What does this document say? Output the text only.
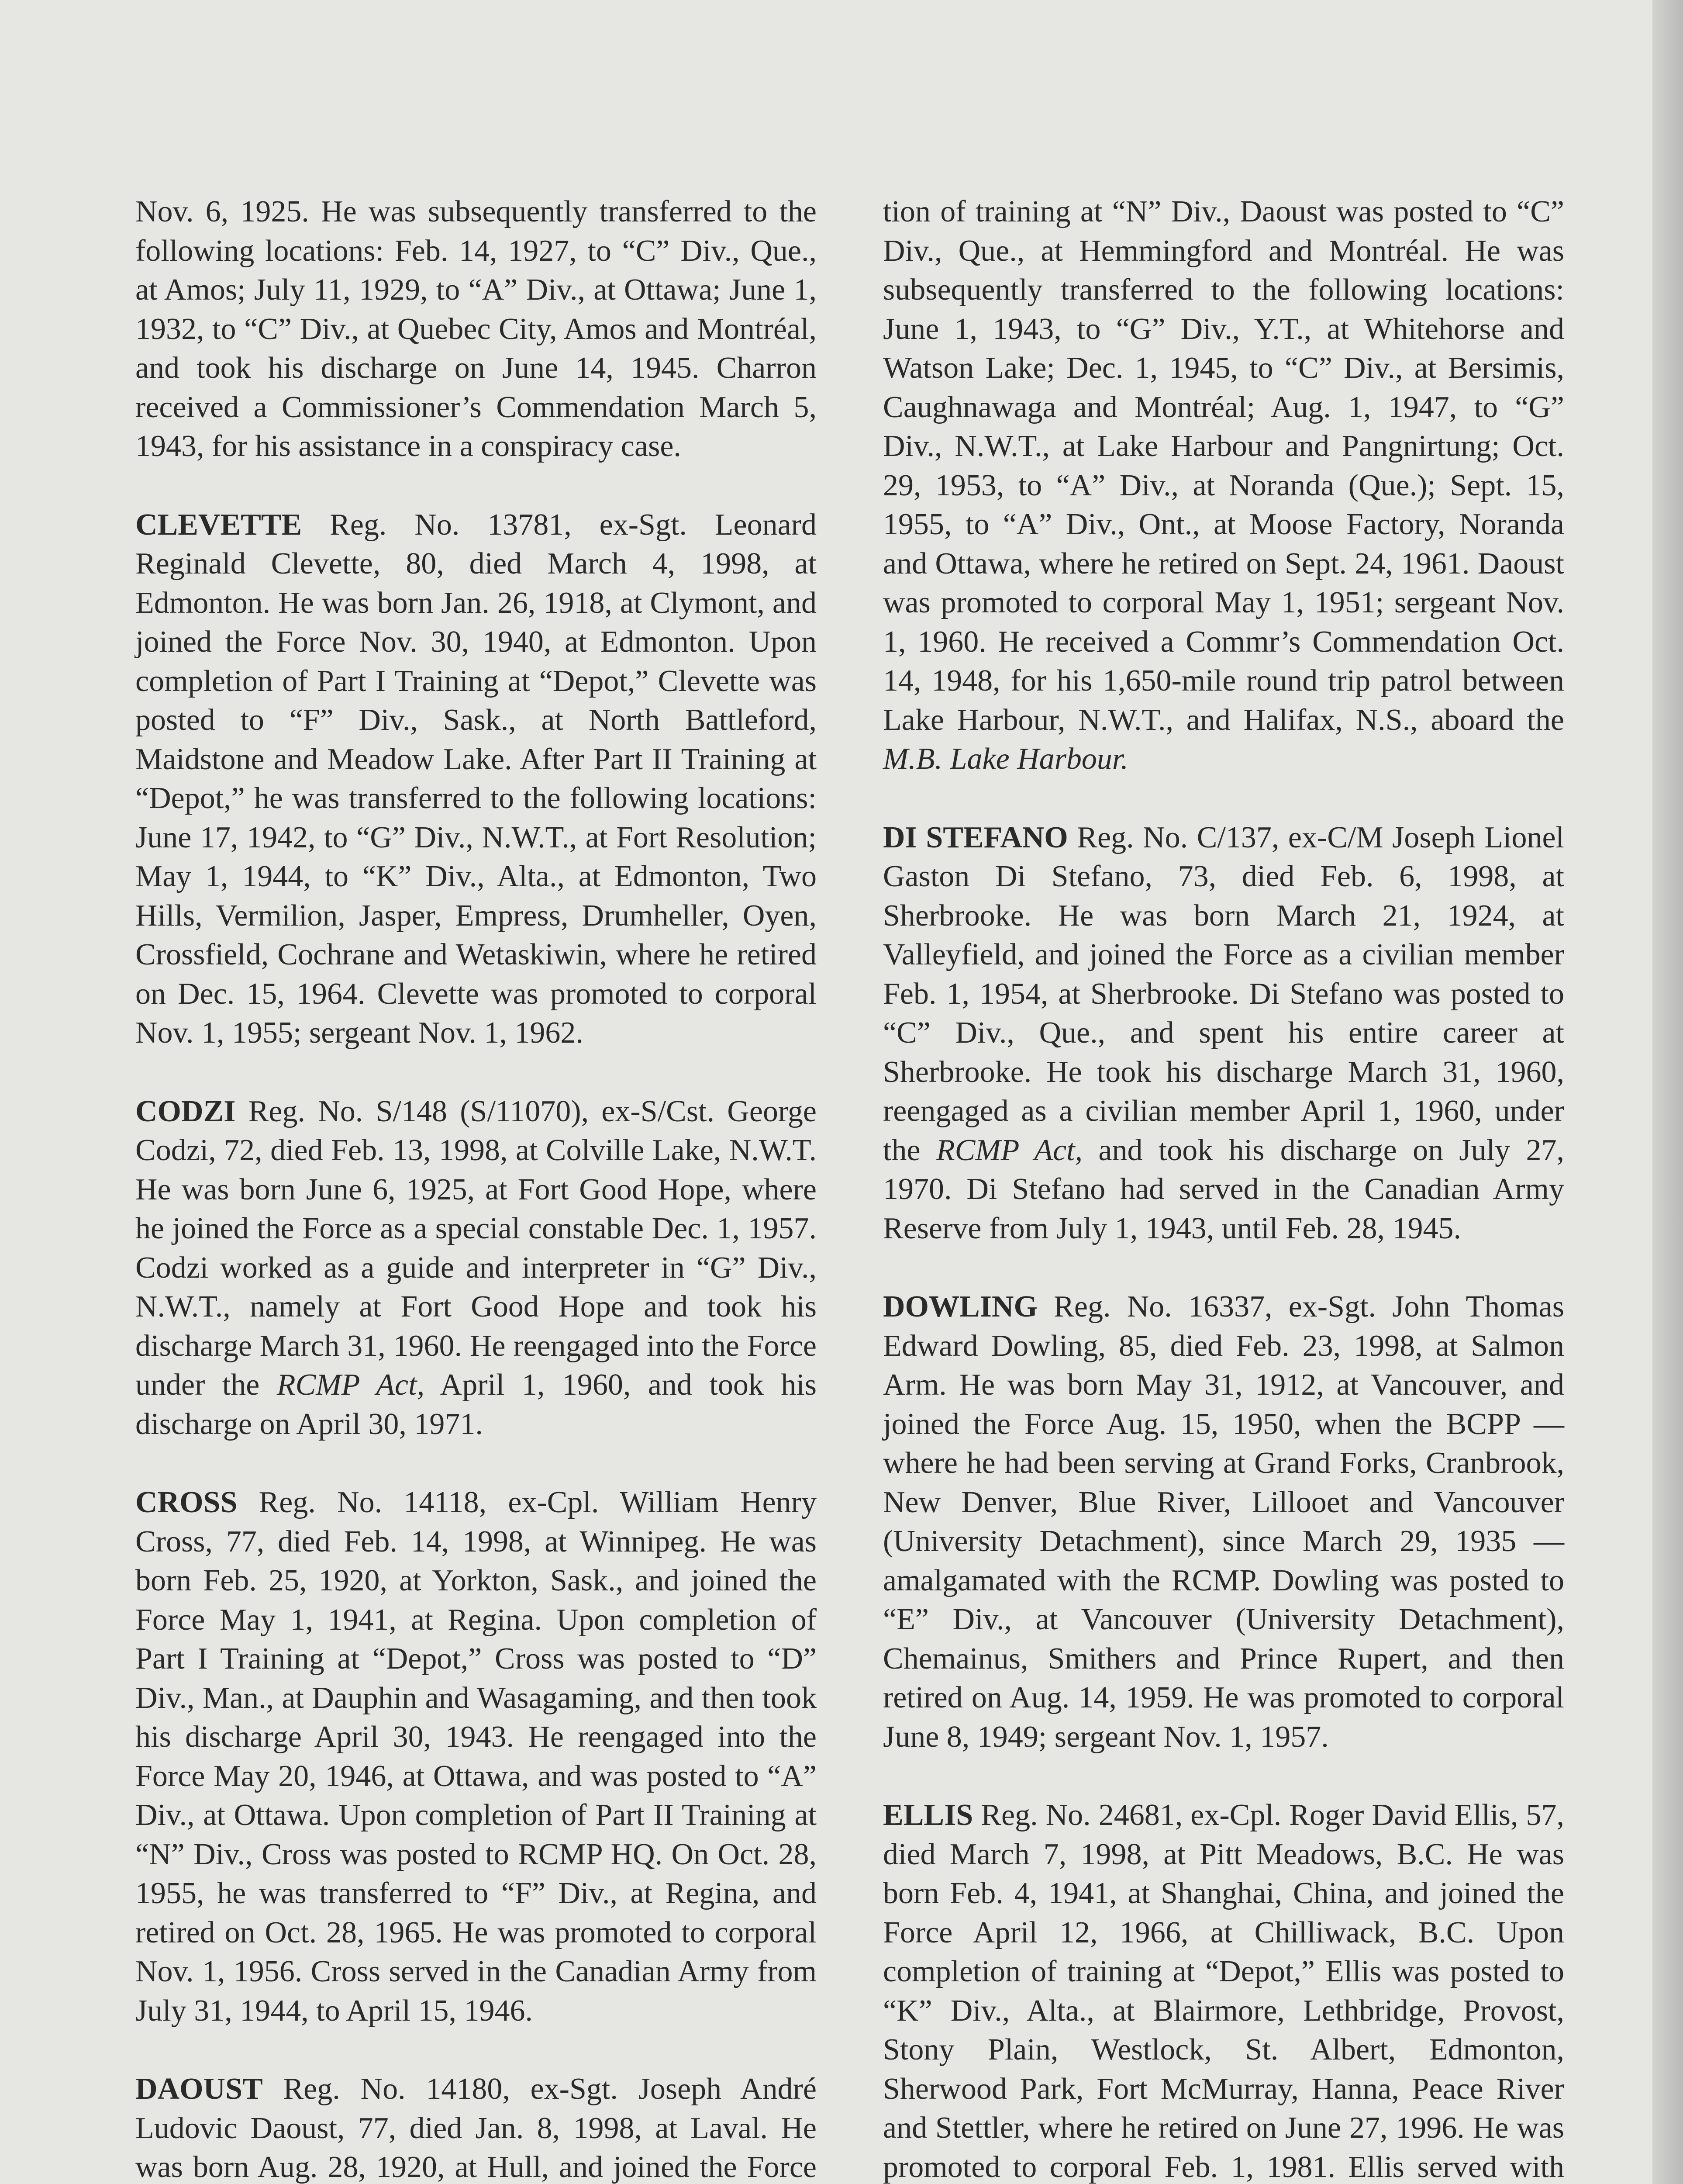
Nov. 6, 1925. He was subsequently transferred to the following locations: Feb. 14, 1927, to “C” Div., Que., at Amos; July 11, 1929, to “A” Div., at Ottawa; June 1, 1932, to “C” Div., at Quebec City, Amos and Montréal, and took his discharge on June 14, 1945. Charron received a Commissioner’s Commendation March 5, 1943, for his assistance in a conspiracy case.

CLEVETTE Reg. No. 13781, ex-Sgt. Leonard Reginald Clevette, 80, died March 4, 1998, at Edmonton. He was born Jan. 26, 1918, at Clymont, and joined the Force Nov. 30, 1940, at Edmonton. Upon completion of Part I Training at “Depot,” Clevette was posted to “F” Div., Sask., at North Battleford, Maidstone and Meadow Lake. After Part II Training at “Depot,” he was transferred to the following locations: June 17, 1942, to “G” Div., N.W.T., at Fort Resolution; May 1, 1944, to “K” Div., Alta., at Edmonton, Two Hills, Vermilion, Jasper, Empress, Drumheller, Oyen, Crossfield, Cochrane and Wetaskiwin, where he retired on Dec. 15, 1964. Clevette was promoted to corporal Nov. 1, 1955; sergeant Nov. 1, 1962.

CODZI Reg. No. S/148 (S/11070), ex-S/Cst. George Codzi, 72, died Feb. 13, 1998, at Colville Lake, N.W.T. He was born June 6, 1925, at Fort Good Hope, where he joined the Force as a special constable Dec. 1, 1957. Codzi worked as a guide and interpreter in “G” Div., N.W.T., namely at Fort Good Hope and took his discharge March 31, 1960. He reengaged into the Force under the RCMP Act, April 1, 1960, and took his discharge on April 30, 1971.

CROSS Reg. No. 14118, ex-Cpl. William Henry Cross, 77, died Feb. 14, 1998, at Winnipeg. He was born Feb. 25, 1920, at Yorkton, Sask., and joined the Force May 1, 1941, at Regina. Upon completion of Part I Training at “Depot,” Cross was posted to “D” Div., Man., at Dauphin and Wasagaming, and then took his discharge April 30, 1943. He reengaged into the Force May 20, 1946, at Ottawa, and was posted to “A” Div., at Ottawa. Upon completion of Part II Training at “N” Div., Cross was posted to RCMP HQ. On Oct. 28, 1955, he was transferred to “F” Div., at Regina, and retired on Oct. 28, 1965. He was promoted to corporal Nov. 1, 1956. Cross served in the Canadian Army from July 31, 1944, to April 15, 1946.

DAOUST Reg. No. 14180, ex-Sgt. Joseph André Ludovic Daoust, 77, died Jan. 8, 1998, at Laval. He was born Aug. 28, 1920, at Hull, and joined the Force

tion of training at “N” Div., Daoust was posted to “C” Div., Que., at Hemmingford and Montréal. He was subsequently transferred to the following locations: June 1, 1943, to “G” Div., Y.T., at Whitehorse and Watson Lake; Dec. 1, 1945, to “C” Div., at Bersimis, Caughnawaga and Montréal; Aug. 1, 1947, to “G” Div., N.W.T., at Lake Harbour and Pangnirtung; Oct. 29, 1953, to “A” Div., at Noranda (Que.); Sept. 15, 1955, to “A” Div., Ont., at Moose Factory, Noranda and Ottawa, where he retired on Sept. 24, 1961. Daoust was promoted to corporal May 1, 1951; sergeant Nov. 1, 1960. He received a Commr’s Commendation Oct. 14, 1948, for his 1,650-mile round trip patrol between Lake Harbour, N.W.T., and Halifax, N.S., aboard the M.B. Lake Harbour.

DI STEFANO Reg. No. C/137, ex-C/M Joseph Lionel Gaston Di Stefano, 73, died Feb. 6, 1998, at Sherbrooke. He was born March 21, 1924, at Valleyfield, and joined the Force as a civilian member Feb. 1, 1954, at Sherbrooke. Di Stefano was posted to “C” Div., Que., and spent his entire career at Sherbrooke. He took his discharge March 31, 1960, reengaged as a civilian member April 1, 1960, under the RCMP Act, and took his discharge on July 27, 1970. Di Stefano had served in the Canadian Army Reserve from July 1, 1943, until Feb. 28, 1945.

DOWLING Reg. No. 16337, ex-Sgt. John Thomas Edward Dowling, 85, died Feb. 23, 1998, at Salmon Arm. He was born May 31, 1912, at Vancouver, and joined the Force Aug. 15, 1950, when the BCPP — where he had been serving at Grand Forks, Cranbrook, New Denver, Blue River, Lillooet and Vancouver (University Detachment), since March 29, 1935 — amalgamated with the RCMP. Dowling was posted to “E” Div., at Vancouver (University Detachment), Chemainus, Smithers and Prince Rupert, and then retired on Aug. 14, 1959. He was promoted to corporal June 8, 1949; sergeant Nov. 1, 1957.

ELLIS Reg. No. 24681, ex-Cpl. Roger David Ellis, 57, died March 7, 1998, at Pitt Meadows, B.C. He was born Feb. 4, 1941, at Shanghai, China, and joined the Force April 12, 1966, at Chilliwack, B.C. Upon completion of training at “Depot,” Ellis was posted to “K” Div., Alta., at Blairmore, Lethbridge, Provost, Stony Plain, Westlock, St. Albert, Edmonton, Sherwood Park, Fort McMurray, Hanna, Peace River and Stettler, where he retired on June 27, 1996. He was promoted to corporal Feb. 1, 1981. Ellis served with
